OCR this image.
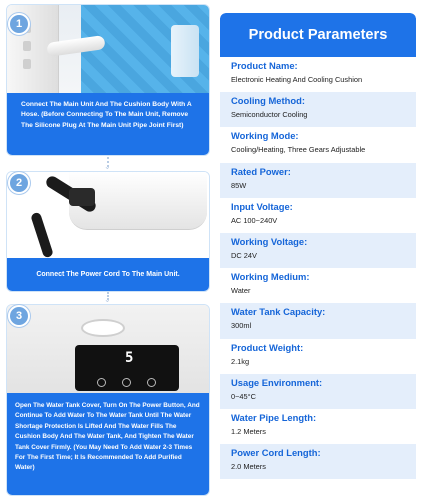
1
Connect The Main Unit And The Cushion Body With A Hose. (Before Connecting To The Main Unit, Remove The Silicone Plug At The Main Unit Pipe Joint First)
⌄
2
Connect The Power Cord To The Main Unit.
⌄
3
5
Open The Water Tank Cover, Turn On The Power Button, And Continue To Add Water To The Water Tank Until The Water Shortage Protection Is Lifted And The Water Fills The Cushion Body And The Water Tank, And Tighten The Water Tank Cover Firmly. (You May Need To Add Water 2-3 Times For The First Time; It Is Recommended To Add Purified Water)
Product Parameters
Product Name:
Electronic Heating And Cooling Cushion
Cooling Method:
Semiconductor Cooling
Working Mode:
Cooling/Heating, Three Gears Adjustable
Rated Power:
85W
Input Voltage:
AC 100~240V
Working Voltage:
DC 24V
Working Medium:
Water
Water Tank Capacity:
300ml
Product Weight:
2.1kg
Usage Environment:
0~45°C
Water Pipe Length:
1.2 Meters
Power Cord Length:
2.0 Meters
